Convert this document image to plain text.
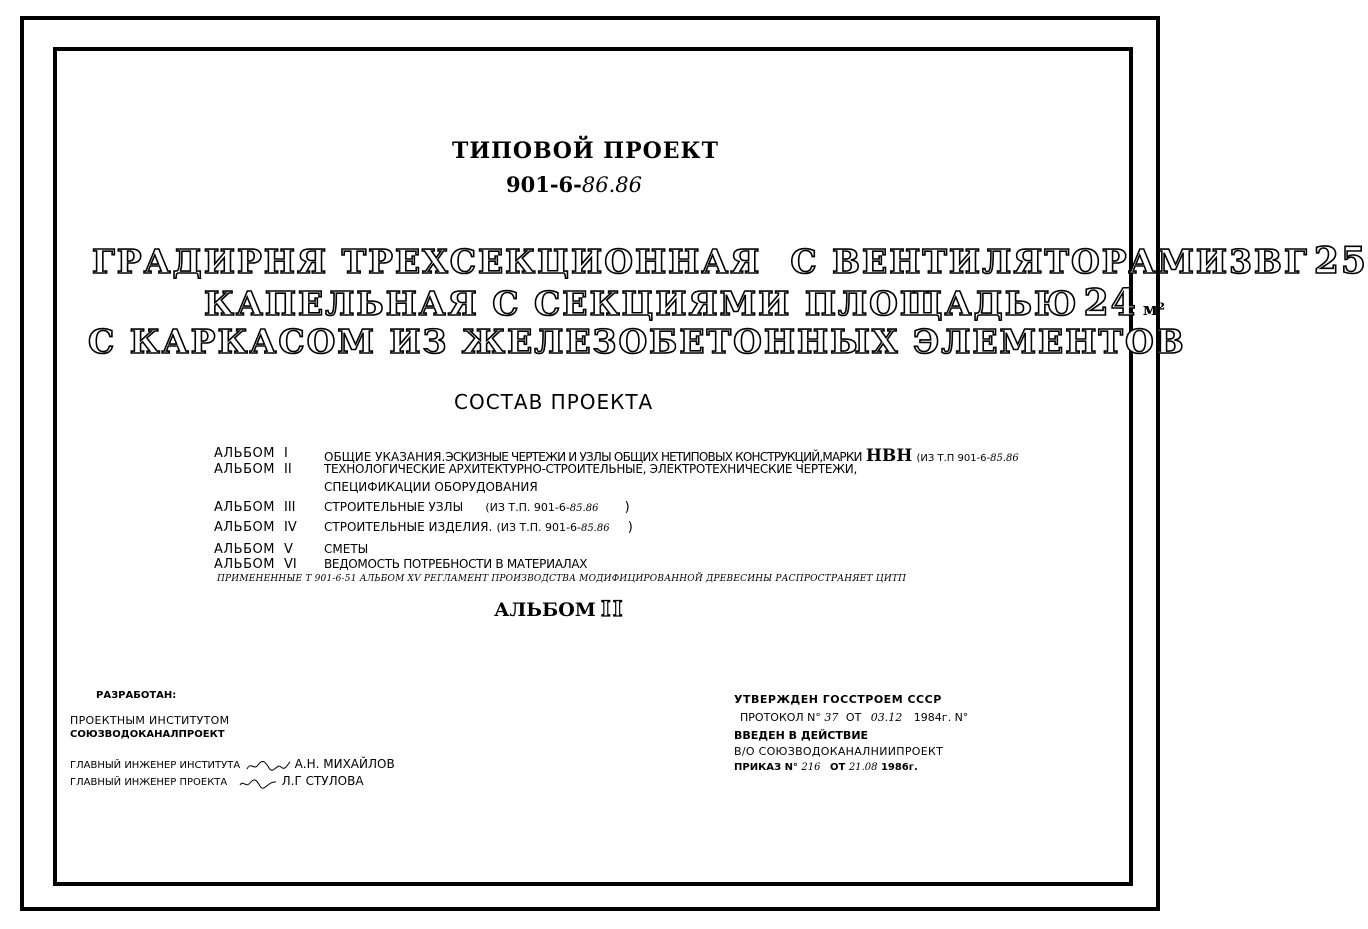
ТИПОВОЙ ПРОЕКТ
901-6-86.86
ГРАДИРНЯ ТРЕХСЕКЦИОННАЯ С ВЕНТИЛЯТОРАМИ3ВГ 25
КАПЕЛЬНАЯ С СЕКЦИЯМИ ПЛОЩАДЬЮ 24 м²
С КАРКАСОМ ИЗ ЖЕЛЕЗОБЕТОННЫХ ЭЛЕМЕНТОВ
СОСТАВ ПРОЕКТА
АЛЬБОМ I	ОБЩИЕ УКАЗАНИЯ.ЭСКИЗНЫЕ ЧЕРТЕЖИ И УЗЛЫ ОБЩИХ НЕТИПОВЫХ КОНСТРУКЦИЙ,МАРКИ НВН (ИЗ Т.П 901-6-85.86
АЛЬБОМ II	ТЕХНОЛОГИЧЕСКИЕ АРХИТЕКТУРНО-СТРОИТЕЛЬНЫЕ, ЭЛЕКТРОТЕХНИЧЕСКИЕ ЧЕРТЕЖИ,
СПЕЦИФИКАЦИИ ОБОРУДОВАНИЯ
АЛЬБОМ III СТРОИТЕЛЬНЫЕ УЗЛЫ (ИЗ Т.П. 901-6-85.86 )
АЛЬБОМ IV СТРОИТЕЛЬНЫЕ ИЗДЕЛИЯ. (ИЗ Т.П. 901-6-85.86 )
АЛЬБОМ V	СМЕТЫ
АЛЬБОМ VI ВЕДОМОСТЬ ПОТРЕБНОСТИ В МАТЕРИАЛАХ
ПРИМЕНЕННЫЕ Т 901-6-51 АЛЬБОМ XV РЕГЛАМЕНТ ПРОИЗВОДСТВА МОДИФИЦИРОВАННОЙ ДРЕВЕСИНЫ РАСПРОСТРАНЯЕТ ЦИТП
АЛЬБОМ II
РАЗРАБОТАН:
ПРОЕКТНЫМ ИНСТИТУТОМ
СОЮЗВОДОКАНАЛПРОЕКТ
ГЛАВНЫЙ ИНЖЕНЕР ИНСТИТУТА	А.Н. МИХАЙЛОВ
ГЛАВНЫЙ ИНЖЕНЕР ПРОЕКТА	Л.Г СТУЛОВА
УТВЕРЖДЕН ГОССТРОЕМ СССР
ПРОТОКОЛ N° 37 ОТ 03.12 1984г. N°
ВВЕДЕН В ДЕЙСТВИЕ
В/О СОЮЗВОДОКАНАЛНИИПРОЕКТ
ПРИКАЗ N° 216 ОТ 21.08 1986г.
